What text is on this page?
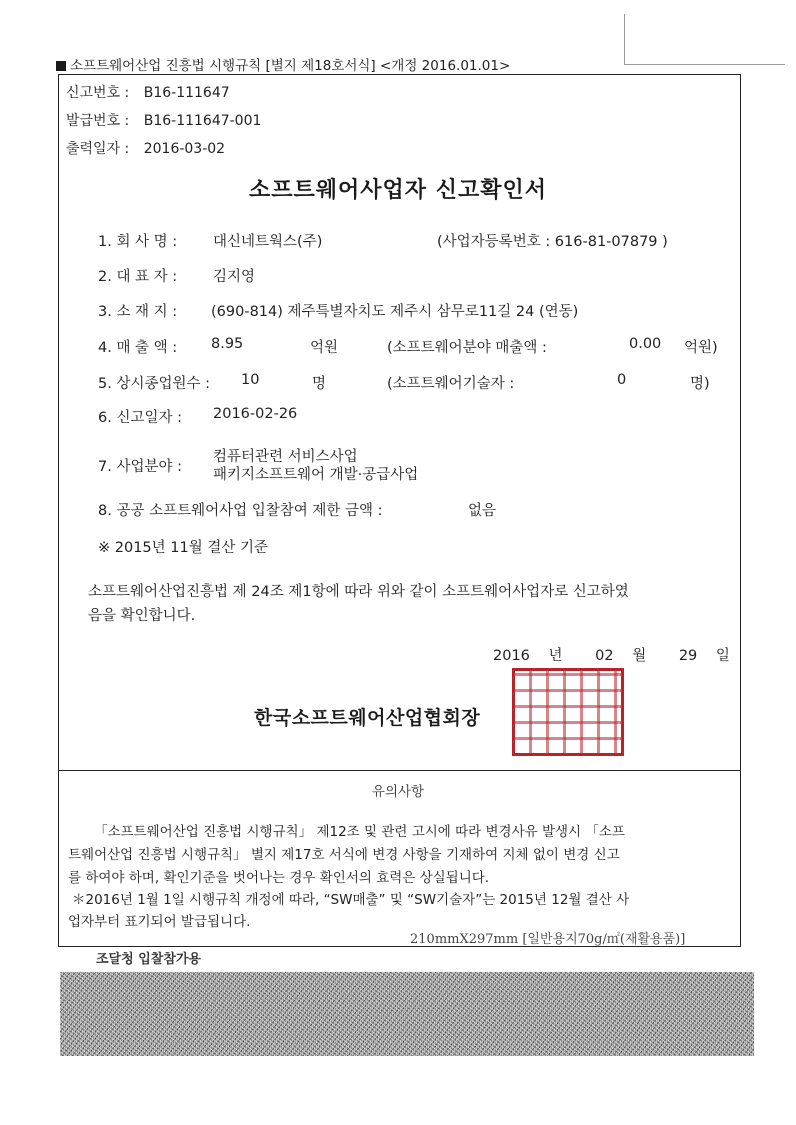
소프트웨어산업 진흥법 시행규칙 [별지 제18호서식] <개정 2016.01.01>
신고번호 : B16-111647
발급번호 : B16-111647-001
출력일자 : 2016-03-02
소프트웨어사업자 신고확인서
1. 회 사 명 : 대신네트웍스(주)	(사업자등록번호 : 616-81-07879 )
2. 대 표 자 : 김지영
3. 소 재 지 : (690-814) 제주특별자치도 제주시 삼무로11길 24 (연동)
4. 매 출 액 : 8.95	억원	(소프트웨어분야 매출액 :	0.00 억원)
5. 상시종업원수 : 10	명	(소프트웨어기술자 :	0	명)
6. 신고일자 : 2016-02-26
7. 사업분야 :
컴퓨터관련 서비스사업
패키지소프트웨어 개발·공급사업
8. 공공 소프트웨어사업 입찰참여 제한 금액 :	없음
※ 2015년 11월 결산 기준
소프트웨어산업진흥법 제 24조 제1항에 따라 위와 같이 소프트웨어사업자로 신고하였
음을 확인합니다.
2016 년 02 월 29 일
한국소프트웨어산업협회장
유의사항
「소프트웨어산업 진흥법 시행규칙」 제12조 및 관련 고시에 따라 변경사유 발생시 「소프
트웨어산업 진흥법 시행규칙」 별지 제17호 서식에 변경 사항을 기재하여 지체 없이 변경 신고
를 하여야 하며, 확인기준을 벗어나는 경우 확인서의 효력은 상실됩니다.
＊2016년 1월 1일 시행규칙 개정에 따라, “SW매출” 및 “SW기술자”는 2015년 12월 결산 사
업자부터 표기되어 발급됩니다.
210mmX297mm [일반용지70g/㎡(재활용품)]
조달청 입찰참가용
